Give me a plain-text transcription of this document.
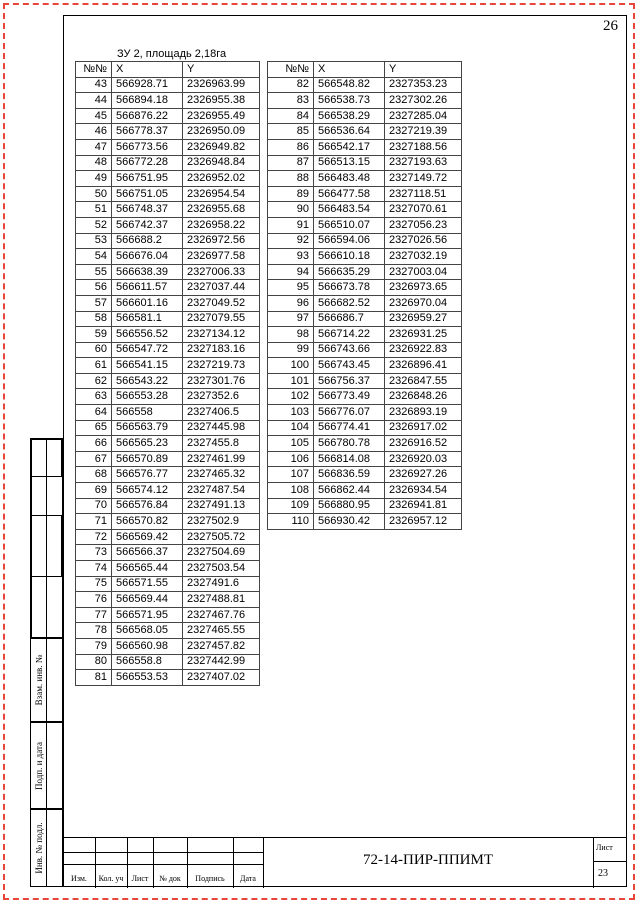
26
ЗУ 2, площадь 2,18га
№№	X	Y
43	566928.71	2326963.99
44	566894.18	2326955.38
45	566876.22	2326955.49
46	566778.37	2326950.09
47	566773.56	2326949.82
48	566772.28	2326948.84
49	566751.95	2326952.02
50	566751.05	2326954.54
51	566748.37	2326955.68
52	566742.37	2326958.22
53	566688.2	2326972.56
54	566676.04	2326977.58
55	566638.39	2327006.33
56	566611.57	2327037.44
57	566601.16	2327049.52
58	566581.1	2327079.55
59	566556.52	2327134.12
60	566547.72	2327183.16
61	566541.15	2327219.73
62	566543.22	2327301.76
63	566553.28	2327352.6
64	566558	2327406.5
65	566563.79	2327445.98
66	566565.23	2327455.8
67	566570.89	2327461.99
68	566576.77	2327465.32
69	566574.12	2327487.54
70	566576.84	2327491.13
71	566570.82	2327502.9
72	566569.42	2327505.72
73	566566.37	2327504.69
74	566565.44	2327503.54
75	566571.55	2327491.6
76	566569.44	2327488.81
77	566571.95	2327467.76
78	566568.05	2327465.55
79	566560.98	2327457.82
80	566558.8	2327442.99
81	566553.53	2327407.02
№№	X	Y
82	566548.82	2327353.23
83	566538.73	2327302.26
84	566538.29	2327285.04
85	566536.64	2327219.39
86	566542.17	2327188.56
87	566513.15	2327193.63
88	566483.48	2327149.72
89	566477.58	2327118.51
90	566483.54	2327070.61
91	566510.07	2327056.23
92	566594.06	2327026.56
93	566610.18	2327032.19
94	566635.29	2327003.04
95	566673.78	2326973.65
96	566682.52	2326970.04
97	566686.7	2326959.27
98	566714.22	2326931.25
99	566743.66	2326922.83
100	566743.45	2326896.41
101	566756.37	2326847.55
102	566773.49	2326848.26
103	566776.07	2326893.19
104	566774.41	2326917.02
105	566780.78	2326916.52
106	566814.08	2326920.03
107	566836.59	2326927.26
108	566862.44	2326934.54
109	566880.95	2326941.81
110	566930.42	2326957.12
Взам. инв. №
Подп. и дата
Инв. № подл.
Изм.	Кол. уч	Лист	№ док	Подпись	Дата
72-14-ПИР-ППИМТ
Лист
23
